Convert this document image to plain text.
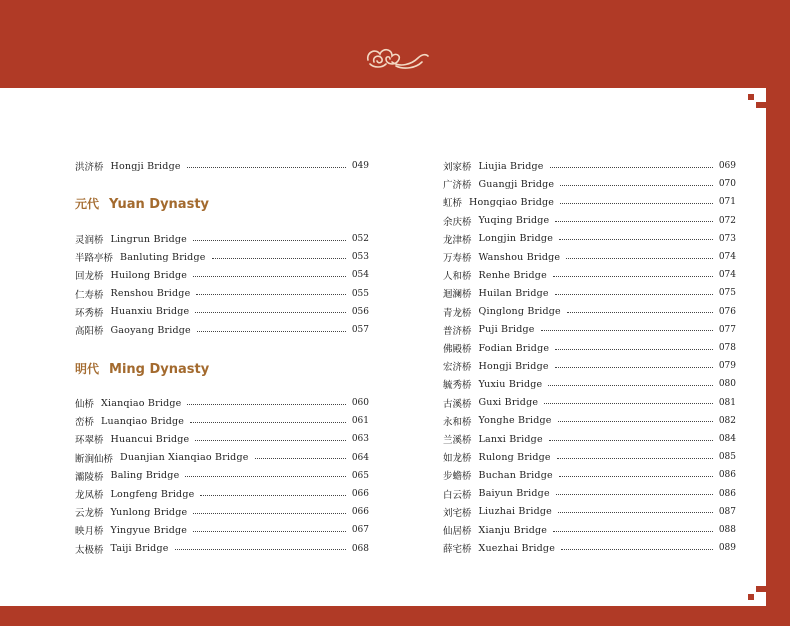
洪济桥 Hongji Bridge	049
元代 Yuan Dynasty
灵润桥 Lingrun Bridge	052
半路亭桥 Banluting Bridge	053
回龙桥 Huilong Bridge	054
仁寿桥 Renshou Bridge	055
环秀桥 Huanxiu Bridge	056
高阳桥 Gaoyang Bridge	057
明代 Ming Dynasty
仙桥 Xianqiao Bridge	060
峦桥 Luanqiao Bridge	061
环翠桥 Huancui Bridge	063
断涧仙桥 Duanjian Xianqiao Bridge	064
灞陵桥 Baling Bridge	065
龙凤桥 Longfeng Bridge	066
云龙桥 Yunlong Bridge	066
映月桥 Yingyue Bridge	067
太极桥 Taiji Bridge	068
刘家桥 Liujia Bridge	069
广济桥 Guangji Bridge	070
虹桥 Hongqiao Bridge	071
余庆桥 Yuqing Bridge	072
龙津桥 Longjin Bridge	073
万寿桥 Wanshou Bridge	074
人和桥 Renhe Bridge	074
迴澜桥 Huilan Bridge	075
青龙桥 Qinglong Bridge	076
普济桥 Puji Bridge	077
佛殿桥 Fodian Bridge	078
宏济桥 Hongji Bridge	079
毓秀桥 Yuxiu Bridge	080
古溪桥 Guxi Bridge	081
永和桥 Yonghe Bridge	082
兰溪桥 Lanxi Bridge	084
如龙桥 Rulong Bridge	085
步蟾桥 Buchan Bridge	086
白云桥 Baiyun Bridge	086
刘宅桥 Liuzhai Bridge	087
仙居桥 Xianju Bridge	088
薛宅桥 Xuezhai Bridge	089
